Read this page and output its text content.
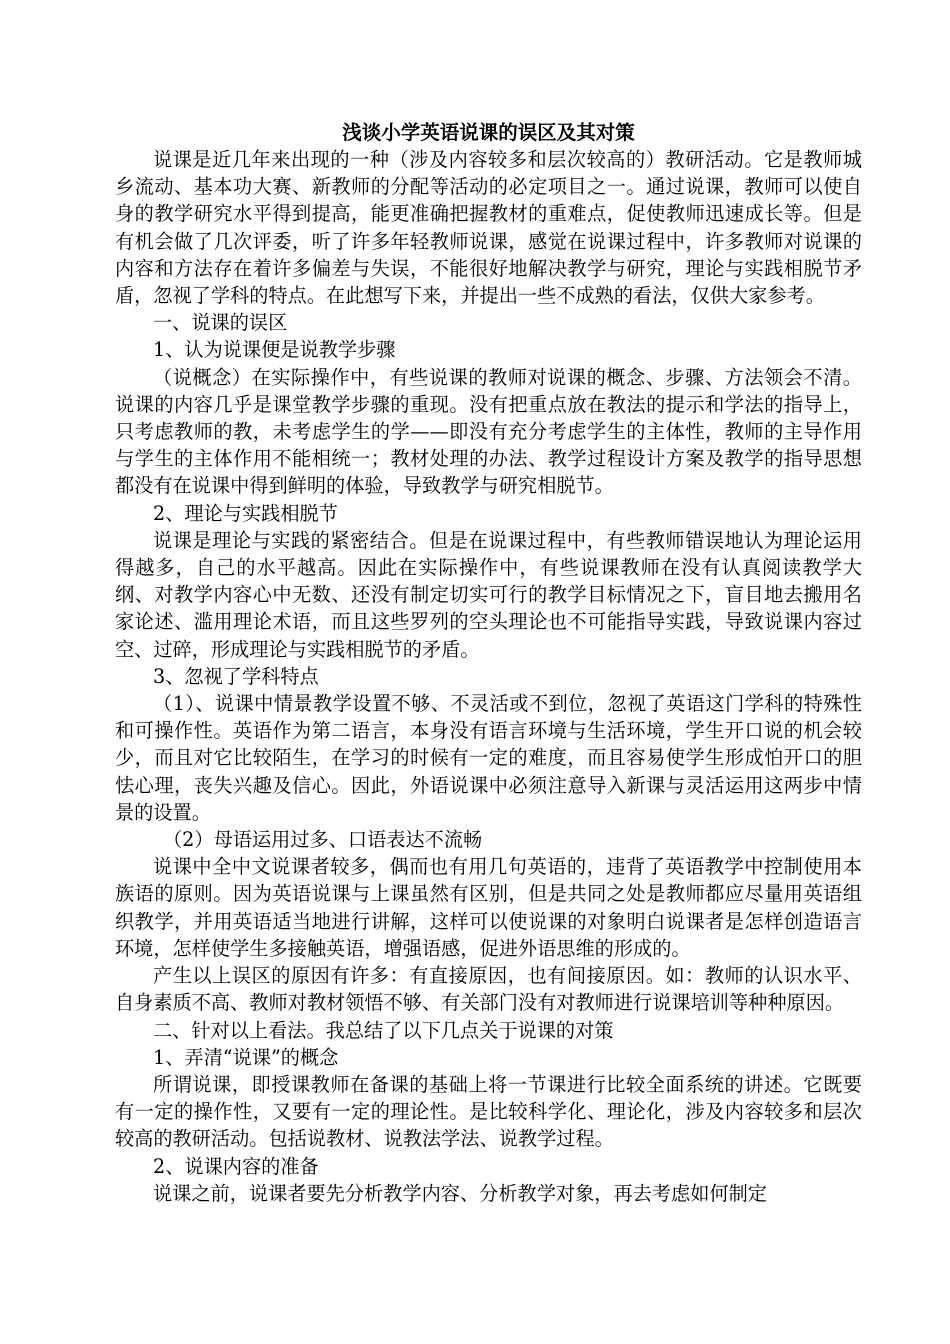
浅谈小学英语说课的误区及其对策

说课是近几年来出现的一种（涉及内容较多和层次较高的）教研活动。它是教师城乡流动、基本功大赛、新教师的分配等活动的必定项目之一。通过说课，教师可以使自身的教学研究水平得到提高，能更准确把握教材的重难点，促使教师迅速成长等。但是有机会做了几次评委，听了许多年轻教师说课，感觉在说课过程中，许多教师对说课的内容和方法存在着许多偏差与失误，不能很好地解决教学与研究，理论与实践相脱节矛盾，忽视了学科的特点。在此想写下来，并提出一些不成熟的看法，仅供大家参考。

一、说课的误区

1、认为说课便是说教学步骤

（说概念）在实际操作中，有些说课的教师对说课的概念、步骤、方法领会不清。说课的内容几乎是课堂教学步骤的重现。没有把重点放在教法的提示和学法的指导上，只考虑教师的教，未考虑学生的学——即没有充分考虑学生的主体性，教师的主导作用与学生的主体作用不能相统一；教材处理的办法、教学过程设计方案及教学的指导思想都没有在说课中得到鲜明的体验，导致教学与研究相脱节。

2、理论与实践相脱节

说课是理论与实践的紧密结合。但是在说课过程中，有些教师错误地认为理论运用得越多，自己的水平越高。因此在实际操作中，有些说课教师在没有认真阅读教学大纲、对教学内容心中无数、还没有制定切实可行的教学目标情况之下，盲目地去搬用名家论述、滥用理论术语，而且这些罗列的空头理论也不可能指导实践，导致说课内容过空、过碎，形成理论与实践相脱节的矛盾。

3、忽视了学科特点

（1）、说课中情景教学设置不够、不灵活或不到位，忽视了英语这门学科的特殊性和可操作性。英语作为第二语言，本身没有语言环境与生活环境，学生开口说的机会较少，而且对它比较陌生，在学习的时候有一定的难度，而且容易使学生形成怕开口的胆怯心理，丧失兴趣及信心。因此，外语说课中必须注意导入新课与灵活运用这两步中情景的设置。

（2）母语运用过多、口语表达不流畅

说课中全中文说课者较多，偶而也有用几句英语的，违背了英语教学中控制使用本族语的原则。因为英语说课与上课虽然有区别，但是共同之处是教师都应尽量用英语组织教学，并用英语适当地进行讲解，这样可以使说课的对象明白说课者是怎样创造语言环境，怎样使学生多接触英语，增强语感，促进外语思维的形成的。

产生以上误区的原因有许多：有直接原因，也有间接原因。如：教师的认识水平、自身素质不高、教师对教材领悟不够、有关部门没有对教师进行说课培训等种种原因。

二、针对以上看法。我总结了以下几点关于说课的对策

1、弄清“说课”的概念

所谓说课，即授课教师在备课的基础上将一节课进行比较全面系统的讲述。它既要有一定的操作性，又要有一定的理论性。是比较科学化、理论化，涉及内容较多和层次较高的教研活动。包括说教材、说教法学法、说教学过程。

2、说课内容的准备

说课之前，说课者要先分析教学内容、分析教学对象，再去考虑如何制定
